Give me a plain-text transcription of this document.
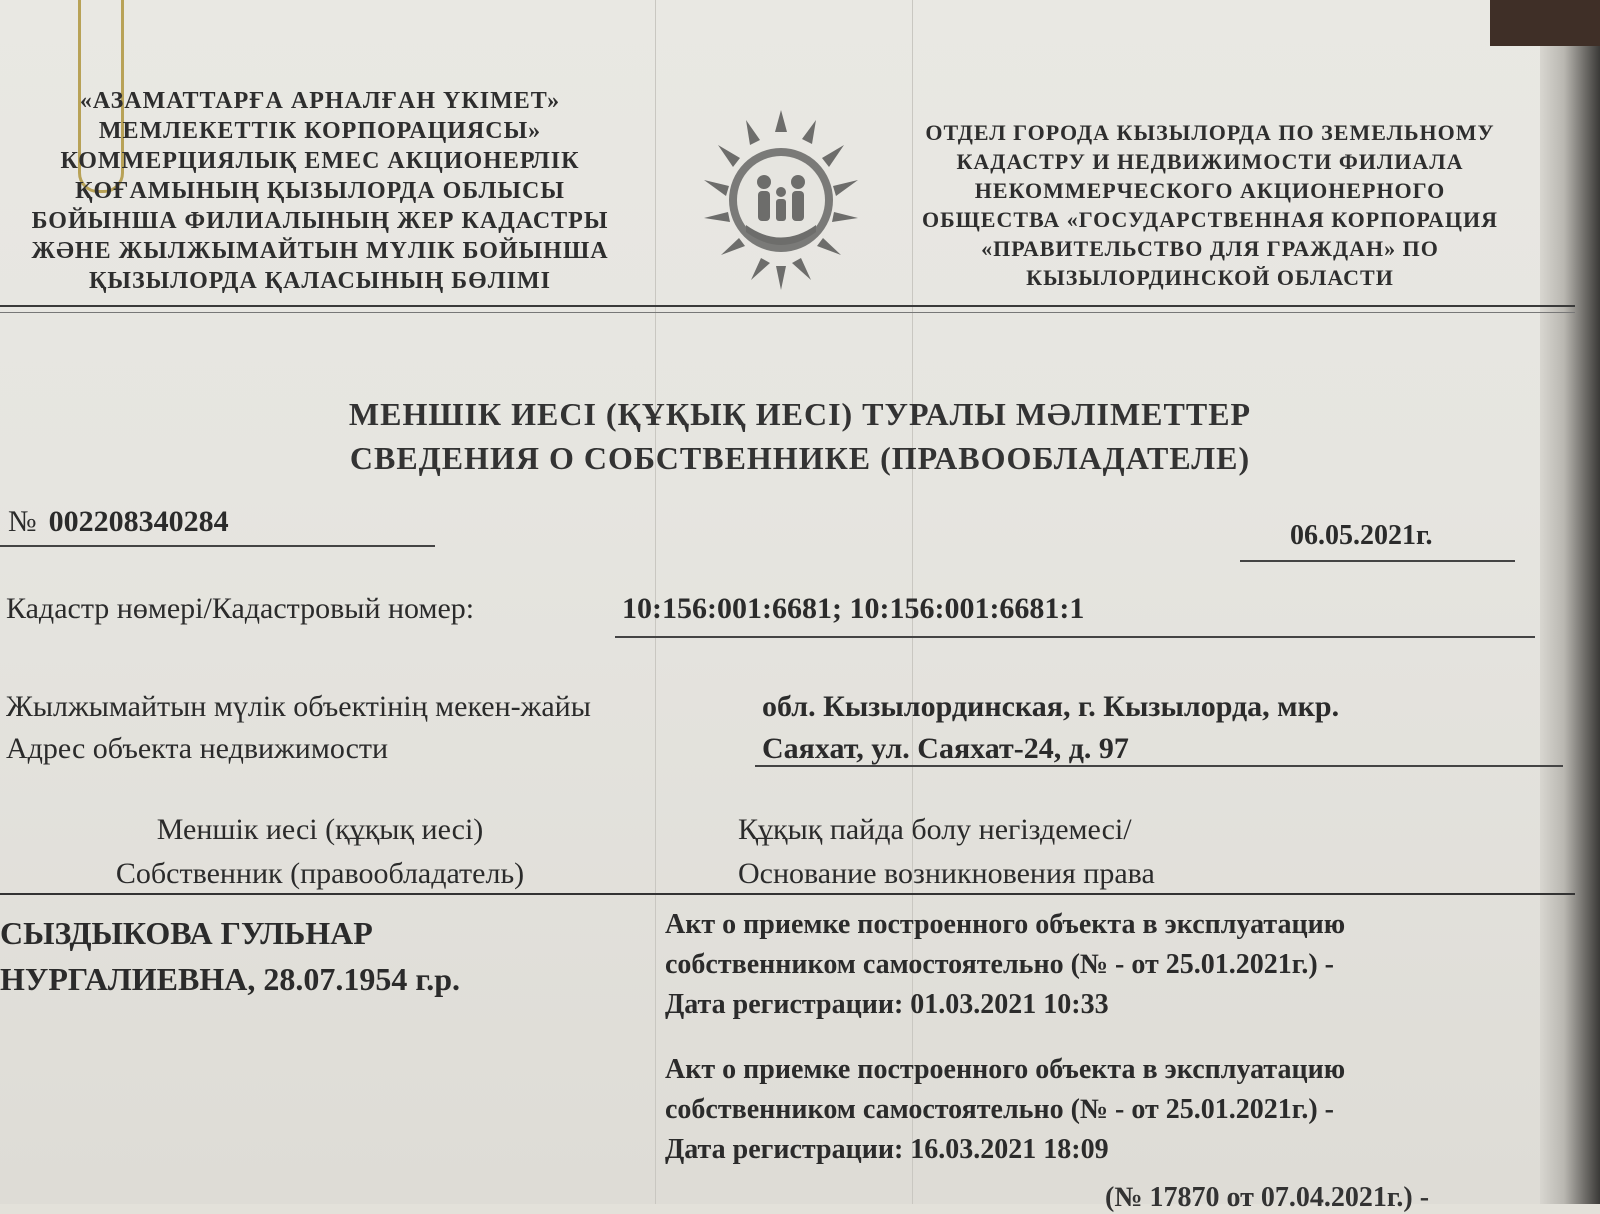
«АЗАМАТТАРҒА АРНАЛҒАН ҮКІМЕТ»
МЕМЛЕКЕТТІК КОРПОРАЦИЯСЫ»
КОММЕРЦИЯЛЫҚ ЕМЕС АКЦИОНЕРЛІК
ҚОҒАМЫНЫҢ ҚЫЗЫЛОРДА ОБЛЫСЫ
БОЙЫНША ФИЛИАЛЫНЫҢ ЖЕР КАДАСТРЫ
ЖӘНЕ ЖЫЛЖЫМАЙТЫН МҮЛІК БОЙЫНША
ҚЫЗЫЛОРДА ҚАЛАСЫНЫҢ БӨЛІМІ
ОТДЕЛ ГОРОДА КЫЗЫЛОРДА ПО ЗЕМЕЛЬНОМУ
КАДАСТРУ И НЕДВИЖИМОСТИ ФИЛИАЛА
НЕКОММЕРЧЕСКОГО АКЦИОНЕРНОГО
ОБЩЕСТВА «ГОСУДАРСТВЕННАЯ КОРПОРАЦИЯ
«ПРАВИТЕЛЬСТВО ДЛЯ ГРАЖДАН» ПО
КЫЗЫЛОРДИНСКОЙ ОБЛАСТИ
МЕНШІК ИЕСІ (ҚҰҚЫҚ ИЕСІ) ТУРАЛЫ МӘЛІМЕТТЕР
СВЕДЕНИЯ О СОБСТВЕННИКЕ (ПРАВООБЛАДАТЕЛЕ)
№ 002208340284	06.05.2021г.
Кадастр нөмері/Кадастровый номер:	10:156:001:6681; 10:156:001:6681:1
Жылжымайтын мүлік объектінің мекен-жайы
Адрес объекта недвижимости
обл. Кызылординская, г. Кызылорда, мкр.
Саяхат, ул. Саяхат-24, д. 97
Меншік иесі (құқық иесі)
Собственник (правообладатель)
Құқық пайда болу негіздемесі/
Основание возникновения права
СЫЗДЫКОВА ГУЛЬНАР
НУРГАЛИЕВНА, 28.07.1954 г.р.
Акт о приемке построенного объекта в эксплуатацию
собственником самостоятельно (№ - от 25.01.2021г.) -
Дата регистрации: 01.03.2021 10:33
Акт о приемке построенного объекта в эксплуатацию
собственником самостоятельно (№ - от 25.01.2021г.) -
Дата регистрации: 16.03.2021 18:09
(№ 17870 от 07.04.2021г.) -
